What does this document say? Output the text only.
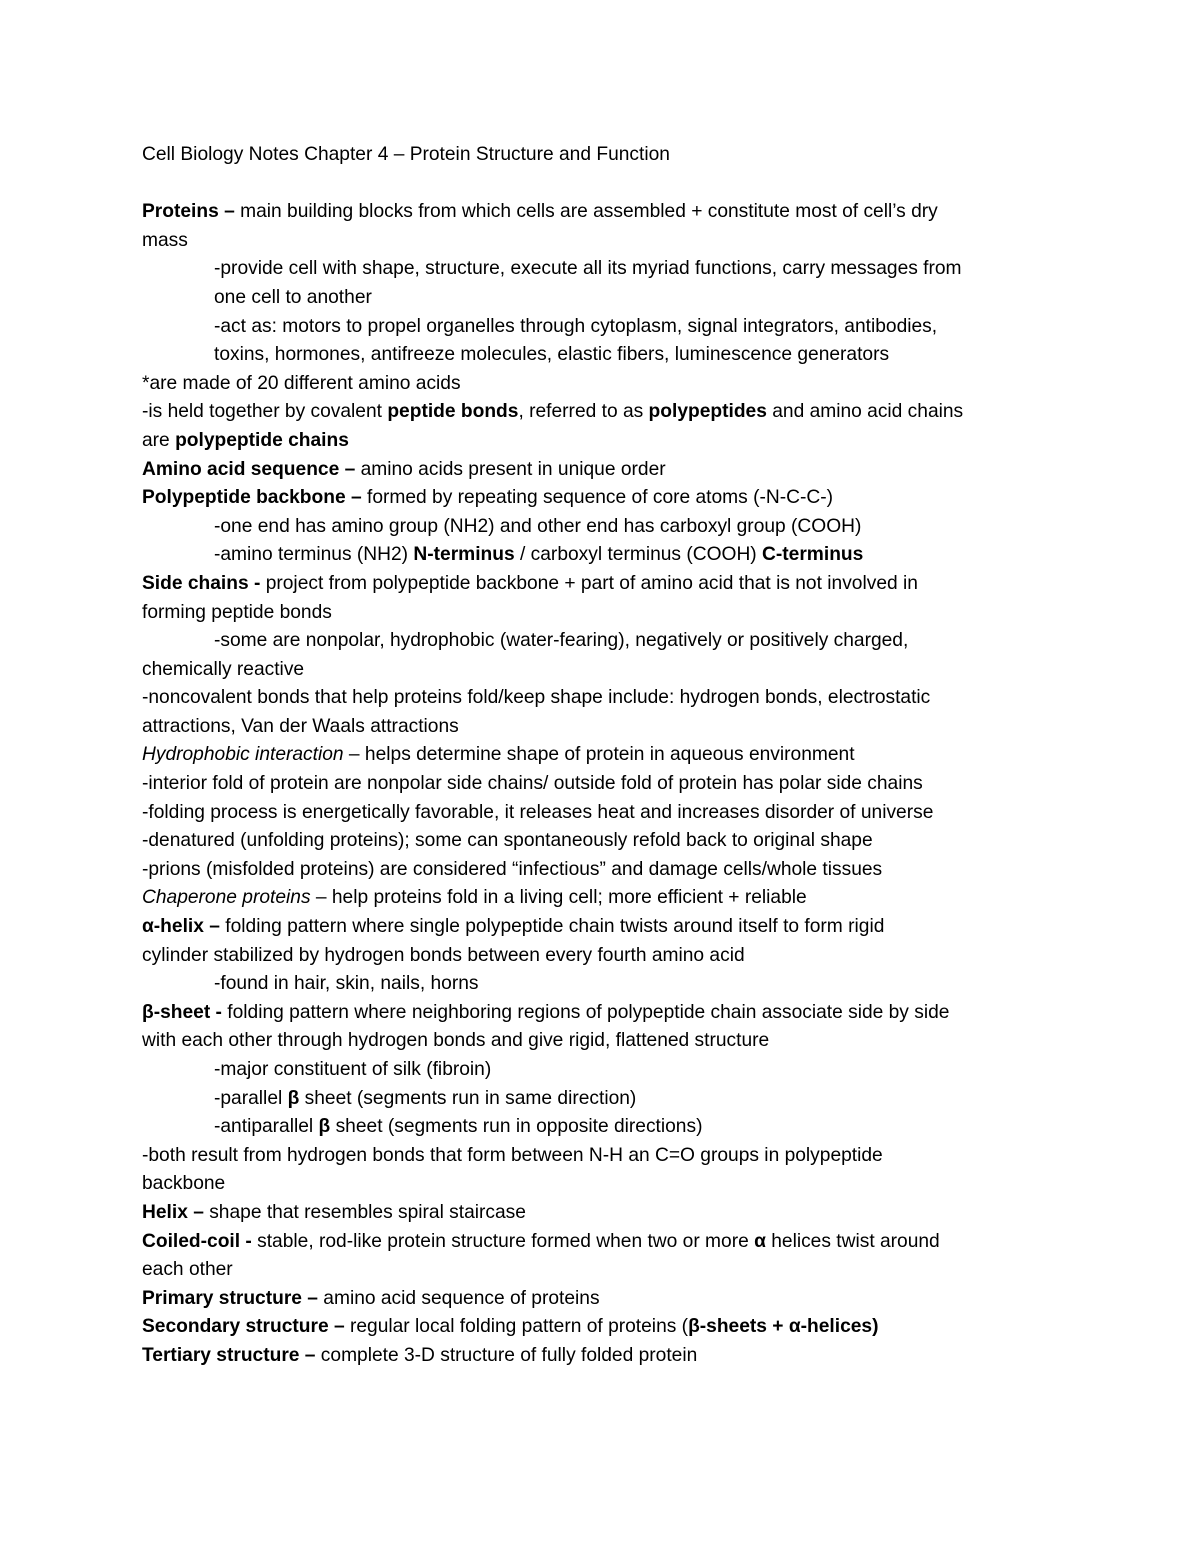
Cell Biology Notes Chapter 4 – Protein Structure and Function
Proteins – main building blocks from which cells are assembled + constitute most of cell’s dry
mass
-provide cell with shape, structure, execute all its myriad functions, carry messages from
one cell to another
-act as: motors to propel organelles through cytoplasm, signal integrators, antibodies,
toxins, hormones, antifreeze molecules, elastic fibers, luminescence generators
*are made of 20 different amino acids
-is held together by covalent peptide bonds, referred to as polypeptides and amino acid chains
are polypeptide chains
Amino acid sequence – amino acids present in unique order
Polypeptide backbone – formed by repeating sequence of core atoms (-N-C-C-)
-one end has amino group (NH2) and other end has carboxyl group (COOH)
-amino terminus (NH2) N-terminus / carboxyl terminus (COOH) C-terminus
Side chains - project from polypeptide backbone + part of amino acid that is not involved in
forming peptide bonds
-some are nonpolar, hydrophobic (water-fearing), negatively or positively charged,
chemically reactive
-noncovalent bonds that help proteins fold/keep shape include: hydrogen bonds, electrostatic
attractions, Van der Waals attractions
Hydrophobic interaction – helps determine shape of protein in aqueous environment
-interior fold of protein are nonpolar side chains/ outside fold of protein has polar side chains
-folding process is energetically favorable, it releases heat and increases disorder of universe
-denatured (unfolding proteins); some can spontaneously refold back to original shape
-prions (misfolded proteins) are considered “infectious” and damage cells/whole tissues
Chaperone proteins – help proteins fold in a living cell; more efficient + reliable
α-helix – folding pattern where single polypeptide chain twists around itself to form rigid
cylinder stabilized by hydrogen bonds between every fourth amino acid
-found in hair, skin, nails, horns
β-sheet - folding pattern where neighboring regions of polypeptide chain associate side by side
with each other through hydrogen bonds and give rigid, flattened structure
-major constituent of silk (fibroin)
-parallel β sheet (segments run in same direction)
-antiparallel β sheet (segments run in opposite directions)
-both result from hydrogen bonds that form between N-H an C=O groups in polypeptide
backbone
Helix – shape that resembles spiral staircase
Coiled-coil - stable, rod-like protein structure formed when two or more α helices twist around
each other
Primary structure – amino acid sequence of proteins
Secondary structure – regular local folding pattern of proteins (β-sheets + α-helices)
Tertiary structure – complete 3-D structure of fully folded protein
